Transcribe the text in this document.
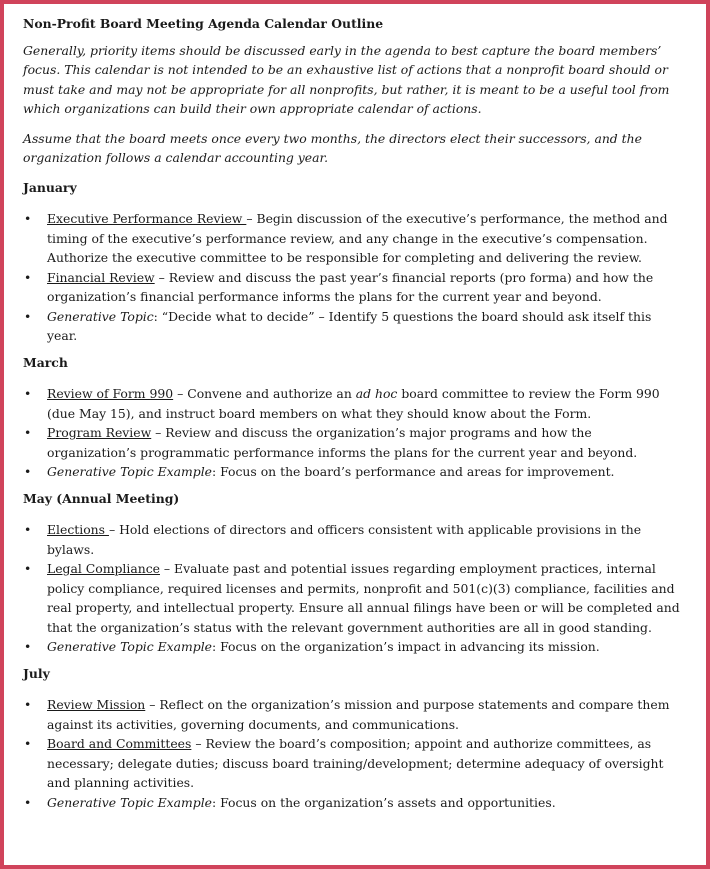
Non-Profit Board Meeting Agenda Calendar Outline

Generally, priority items should be discussed early in the agenda to best capture the board members’ focus. This calendar is not intended to be an exhaustive list of actions that a nonprofit board should or must take and may not be appropriate for all nonprofits, but rather, it is meant to be a useful tool from which organizations can build their own appropriate calendar of actions.

Assume that the board meets once every two months, the directors elect their successors, and the organization follows a calendar accounting year.

January
• Executive Performance Review – Begin discussion of the executive’s performance, the method and timing of the executive’s performance review, and any change in the executive’s compensation. Authorize the executive committee to be responsible for completing and delivering the review.
• Financial Review – Review and discuss the past year’s financial reports (pro forma) and how the organization’s financial performance informs the plans for the current year and beyond.
• Generative Topic: “Decide what to decide” – Identify 5 questions the board should ask itself this year.
March
• Review of Form 990 – Convene and authorize an ad hoc board committee to review the Form 990 (due May 15), and instruct board members on what they should know about the Form.
• Program Review – Review and discuss the organization’s major programs and how the organization’s programmatic performance informs the plans for the current year and beyond.
• Generative Topic Example: Focus on the board’s performance and areas for improvement.
May (Annual Meeting)
• Elections – Hold elections of directors and officers consistent with applicable provisions in the bylaws.
• Legal Compliance – Evaluate past and potential issues regarding employment practices, internal policy compliance, required licenses and permits, nonprofit and 501(c)(3) compliance, facilities and real property, and intellectual property. Ensure all annual filings have been or will be completed and that the organization’s status with the relevant government authorities are all in good standing.
• Generative Topic Example: Focus on the organization’s impact in advancing its mission.
July
• Review Mission – Reflect on the organization’s mission and purpose statements and compare them against its activities, governing documents, and communications.
• Board and Committees – Review the board’s composition; appoint and authorize committees, as necessary; delegate duties; discuss board training/development; determine adequacy of oversight and planning activities.
• Generative Topic Example: Focus on the organization’s assets and opportunities.
